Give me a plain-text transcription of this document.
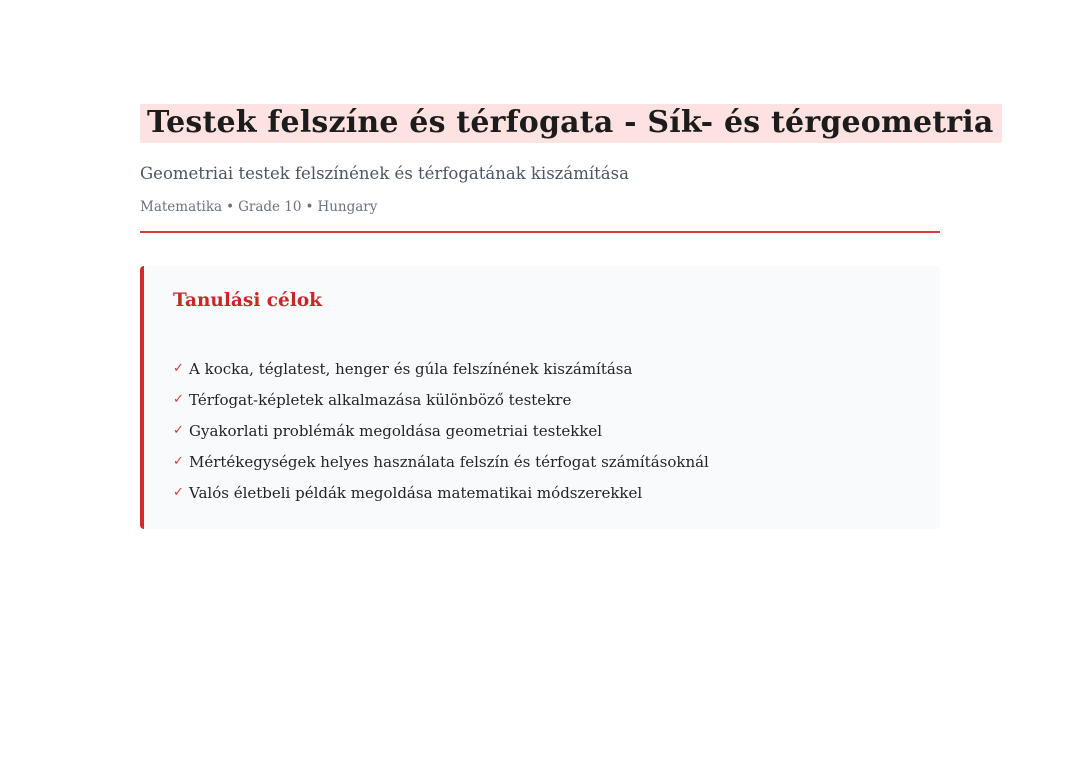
Testek felszíne és térfogata - Sík- és térgeometria
Geometriai testek felszínének és térfogatának kiszámítása
Matematika • Grade 10 • Hungary
Tanulási célok
✓ A kocka, téglatest, henger és gúla felszínének kiszámítása
✓ Térfogat-képletek alkalmazása különböző testekre
✓ Gyakorlati problémák megoldása geometriai testekkel
✓ Mértékegységek helyes használata felszín és térfogat számításoknál
✓ Valós életbeli példák megoldása matematikai módszerekkel
